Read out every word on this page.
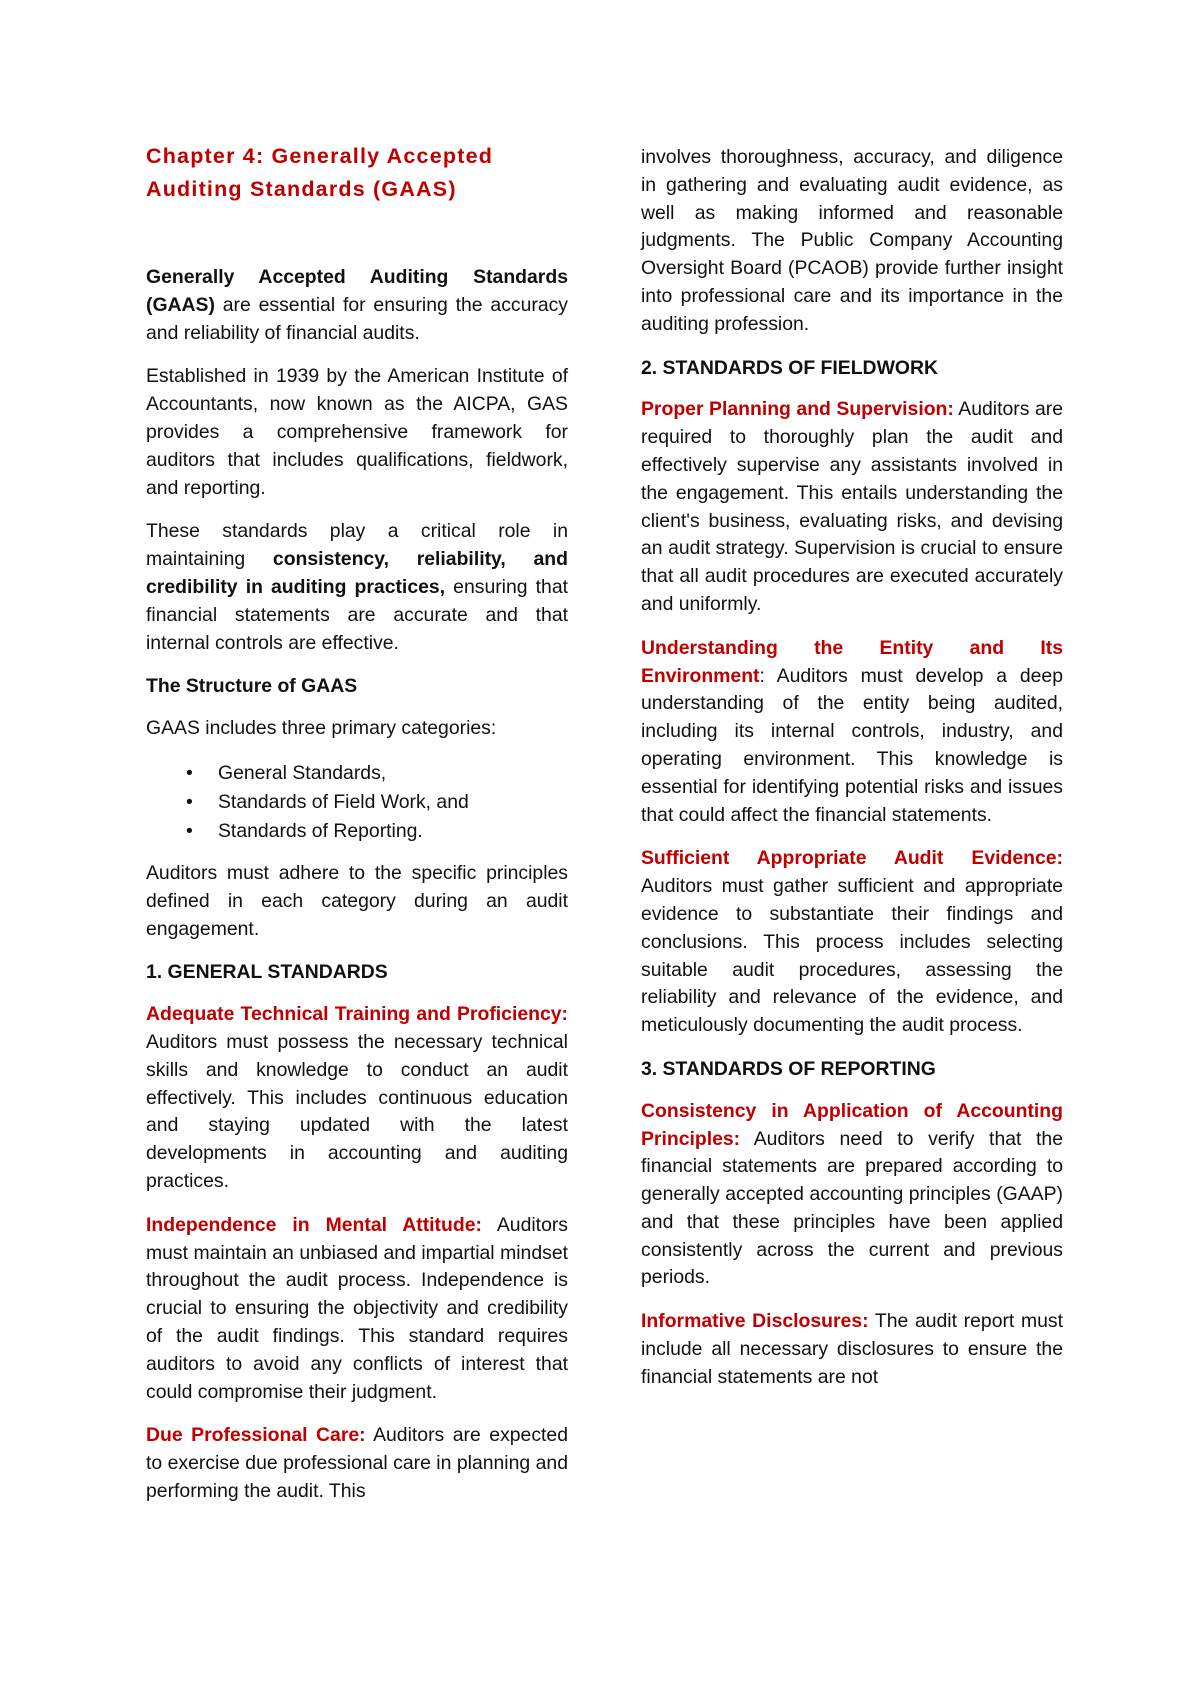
Chapter 4: Generally Accepted Auditing Standards (GAAS)

Generally Accepted Auditing Standards (GAAS) are essential for ensuring the accuracy and reliability of financial audits.

Established in 1939 by the American Institute of Accountants, now known as the AICPA, GAS provides a comprehensive framework for auditors that includes qualifications, fieldwork, and reporting.

These standards play a critical role in maintaining consistency, reliability, and credibility in auditing practices, ensuring that financial statements are accurate and that internal controls are effective.

The Structure of GAAS

GAAS includes three primary categories:

• General Standards,
• Standards of Field Work, and
• Standards of Reporting.

Auditors must adhere to the specific principles defined in each category during an audit engagement.

1. GENERAL STANDARDS

Adequate Technical Training and Proficiency: Auditors must possess the necessary technical skills and knowledge to conduct an audit effectively. This includes continuous education and staying updated with the latest developments in accounting and auditing practices.

Independence in Mental Attitude: Auditors must maintain an unbiased and impartial mindset throughout the audit process. Independence is crucial to ensuring the objectivity and credibility of the audit findings. This standard requires auditors to avoid any conflicts of interest that could compromise their judgment.

Due Professional Care: Auditors are expected to exercise due professional care in planning and performing the audit. This

involves thoroughness, accuracy, and diligence in gathering and evaluating audit evidence, as well as making informed and reasonable judgments. The Public Company Accounting Oversight Board (PCAOB) provide further insight into professional care and its importance in the auditing profession.

2. STANDARDS OF FIELDWORK

Proper Planning and Supervision: Auditors are required to thoroughly plan the audit and effectively supervise any assistants involved in the engagement. This entails understanding the client's business, evaluating risks, and devising an audit strategy. Supervision is crucial to ensure that all audit procedures are executed accurately and uniformly.

Understanding the Entity and Its Environment: Auditors must develop a deep understanding of the entity being audited, including its internal controls, industry, and operating environment. This knowledge is essential for identifying potential risks and issues that could affect the financial statements.

Sufficient Appropriate Audit Evidence: Auditors must gather sufficient and appropriate evidence to substantiate their findings and conclusions. This process includes selecting suitable audit procedures, assessing the reliability and relevance of the evidence, and meticulously documenting the audit process.

3. STANDARDS OF REPORTING

Consistency in Application of Accounting Principles: Auditors need to verify that the financial statements are prepared according to generally accepted accounting principles (GAAP) and that these principles have been applied consistently across the current and previous periods.

Informative Disclosures: The audit report must include all necessary disclosures to ensure the financial statements are not
